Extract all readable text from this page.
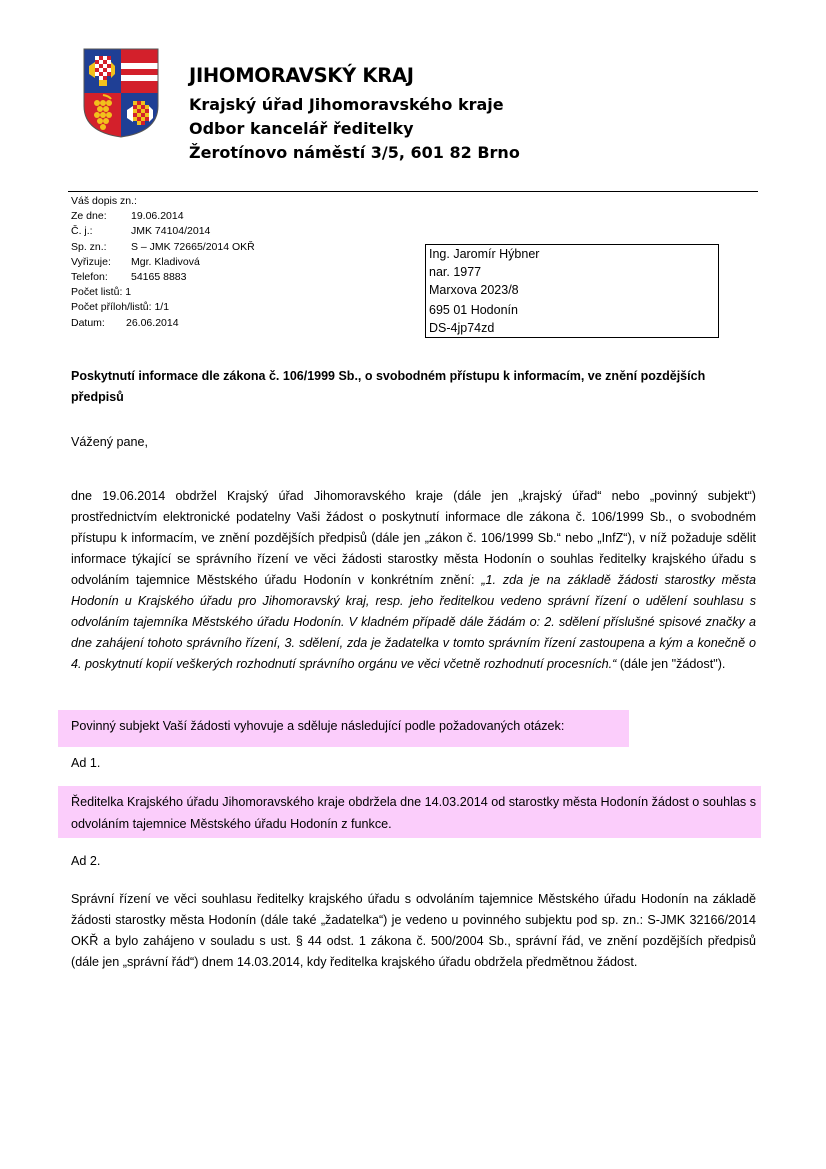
JIHOMORAVSKÝ KRAJ
Krajský úřad Jihomoravského kraje
Odbor kancelář ředitelky
Žerotínovo náměstí 3/5, 601 82 Brno
Váš dopis zn.:
Ze dne: 19.06.2014
Č. j.:	JMK 74104/2014
Sp. zn.: S – JMK 72665/2014 OKŘ
Vyřizuje: Mgr. Kladivová
Telefon: 54165 8883
Počet listů: 1
Počet příloh/listů: 1/1
Datum: 26.06.2014
Ing. Jaromír Hýbner
nar. 1977
Marxova 2023/8
695 01 Hodonín
DS-4jp74zd
Poskytnutí informace dle zákona č. 106/1999 Sb., o svobodném přístupu k informacím, ve znění pozdějších
předpisů
Vážený pane,

dne 19.06.2014 obdržel Krajský úřad Jihomoravského kraje (dále jen „krajský úřad“ nebo „povinný subjekt“) prostřednictvím elektronické podatelny Vaši žádost o poskytnutí informace dle zákona č. 106/1999 Sb., o svobodném přístupu k informacím, ve znění pozdějších předpisů (dále jen „zákon č. 106/1999 Sb.“ nebo „InfZ“), v níž požaduje sdělit informace týkající se správního řízení ve věci žádosti starostky města Hodonín o souhlas ředitelky krajského úřadu s odvoláním tajemnice Městského úřadu Hodonín v konkrétním znění: „1. zda je na základě žádosti starostky města Hodonín u Krajského úřadu pro Jihomoravský kraj, resp. jeho ředitelkou vedeno správní řízení o udělení souhlasu s odvoláním tajemníka Městského úřadu Hodonín. V kladném případě dále žádám o: 2. sdělení příslušné spisové značky a dne zahájení tohoto správního řízení, 3. sdělení, zda je žadatelka v tomto správním řízení zastoupena a kým a konečně o 4. poskytnutí kopií veškerých rozhodnutí správního orgánu ve věci včetně rozhodnutí procesních.“ (dále jen "žádost").

Povinný subjekt Vaší žádosti vyhovuje a sděluje následující podle požadovaných otázek:
Ad 1.
Ředitelka Krajského úřadu Jihomoravského kraje obdržela dne 14.03.2014 od starostky města Hodonín žádost o souhlas s odvoláním tajemnice Městského úřadu Hodonín z funkce.
Ad 2.

Správní řízení ve věci souhlasu ředitelky krajského úřadu s odvoláním tajemnice Městského úřadu Hodonín na základě žádosti starostky města Hodonín (dále také „žadatelka“) je vedeno u povinného subjektu pod sp. zn.: S-JMK 32166/2014 OKŘ a bylo zahájeno v souladu s ust. § 44 odst. 1 zákona č. 500/2004 Sb., správní řád, ve znění pozdějších předpisů (dále jen „správní řád“) dnem 14.03.2014, kdy ředitelka krajského úřadu obdržela předmětnou žádost.
